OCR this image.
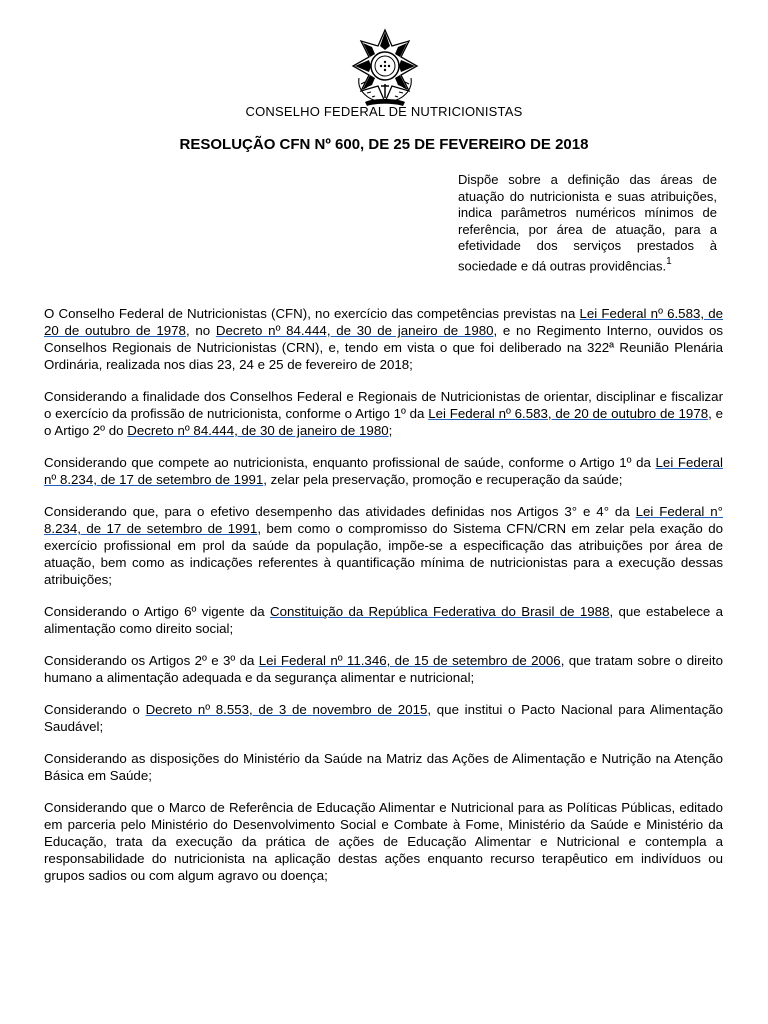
CONSELHO FEDERAL DE NUTRICIONISTAS
RESOLUÇÃO CFN Nº 600, DE 25 DE FEVEREIRO DE 2018
Dispõe sobre a definição das áreas de atuação do nutricionista e suas atribuições, indica parâmetros numéricos mínimos de referência, por área de atuação, para a efetividade dos serviços prestados à sociedade e dá outras providências.$^1$

O Conselho Federal de Nutricionistas (CFN), no exercício das competências previstas na Lei Federal nº 6.583, de 20 de outubro de 1978, no Decreto nº 84.444, de 30 de janeiro de 1980, e no Regimento Interno, ouvidos os Conselhos Regionais de Nutricionistas (CRN), e, tendo em vista o que foi deliberado na 322ª Reunião Plenária Ordinária, realizada nos dias 23, 24 e 25 de fevereiro de 2018;

Considerando a finalidade dos Conselhos Federal e Regionais de Nutricionistas de orientar, disciplinar e fiscalizar o exercício da profissão de nutricionista, conforme o Artigo 1º da Lei Federal nº 6.583, de 20 de outubro de 1978, e o Artigo 2º do Decreto nº 84.444, de 30 de janeiro de 1980;

Considerando que compete ao nutricionista, enquanto profissional de saúde, conforme o Artigo 1º da Lei Federal nº 8.234, de 17 de setembro de 1991, zelar pela preservação, promoção e recuperação da saúde;

Considerando que, para o efetivo desempenho das atividades definidas nos Artigos 3° e 4° da Lei Federal n° 8.234, de 17 de setembro de 1991, bem como o compromisso do Sistema CFN/CRN em zelar pela exação do exercício profissional em prol da saúde da população, impõe-se a especificação das atribuições por área de atuação, bem como as indicações referentes à quantificação mínima de nutricionistas para a execução dessas atribuições;

Considerando o Artigo 6º vigente da Constituição da República Federativa do Brasil de 1988, que estabelece a alimentação como direito social;

Considerando os Artigos 2º e 3º da Lei Federal nº 11.346, de 15 de setembro de 2006, que tratam sobre o direito humano a alimentação adequada e da segurança alimentar e nutricional;

Considerando o Decreto nº 8.553, de 3 de novembro de 2015, que institui o Pacto Nacional para Alimentação Saudável;

Considerando as disposições do Ministério da Saúde na Matriz das Ações de Alimentação e Nutrição na Atenção Básica em Saúde;

Considerando que o Marco de Referência de Educação Alimentar e Nutricional para as Políticas Públicas, editado em parceria pelo Ministério do Desenvolvimento Social e Combate à Fome, Ministério da Saúde e Ministério da Educação, trata da execução da prática de ações de Educação Alimentar e Nutricional e contempla a responsabilidade do nutricionista na aplicação destas ações enquanto recurso terapêutico em indivíduos ou grupos sadios ou com algum agravo ou doença;
